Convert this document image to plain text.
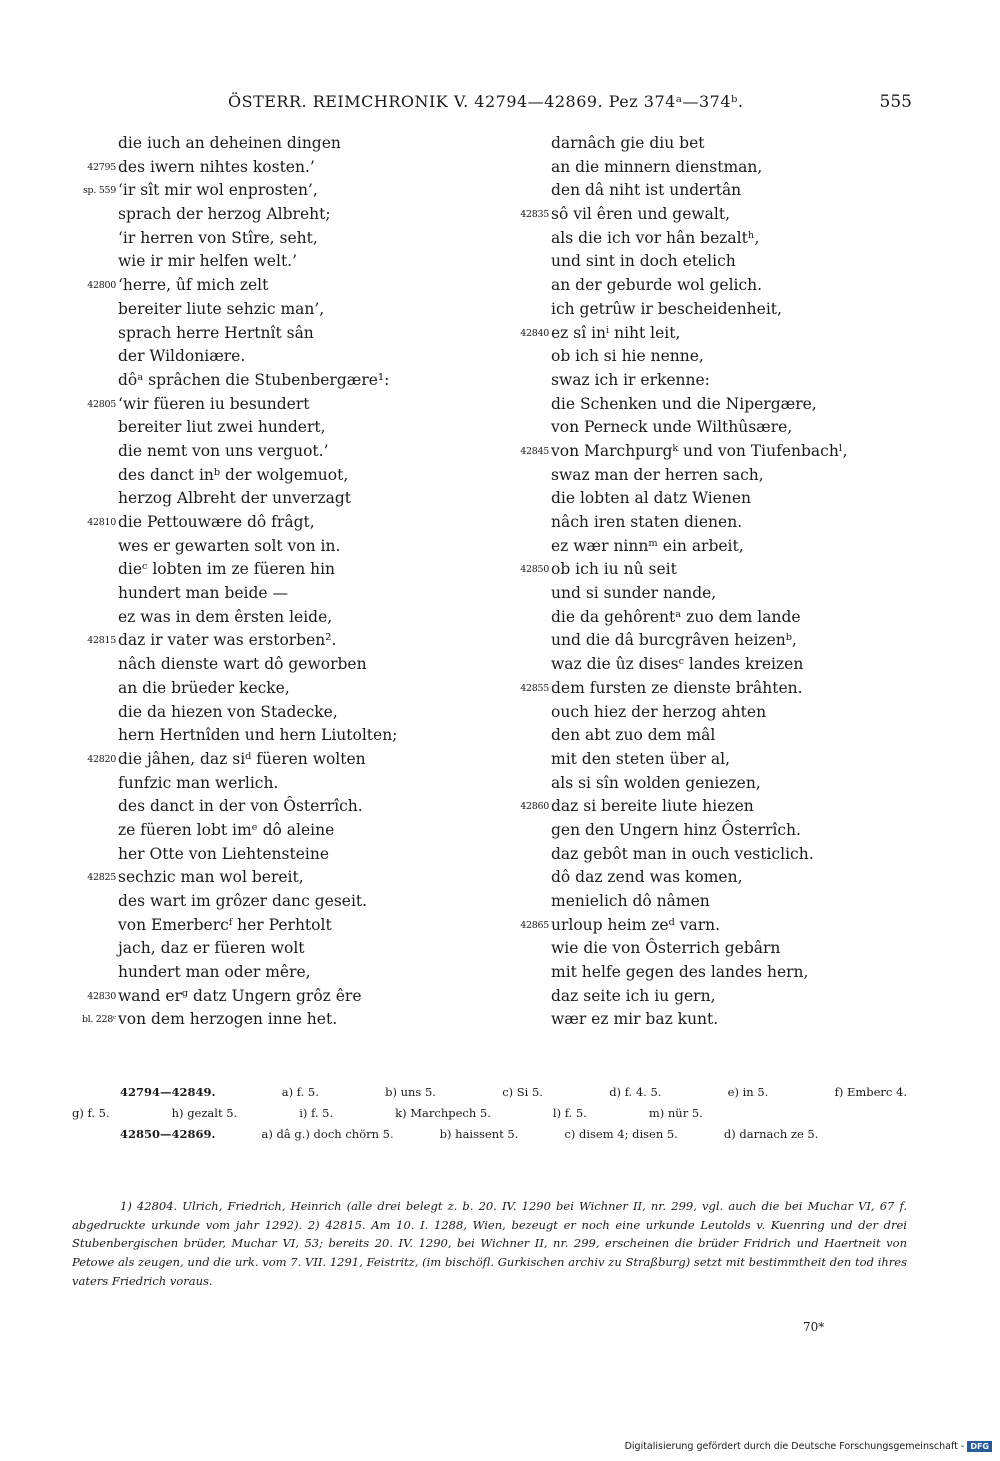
ÖSTERR. REIMCHRONIK V. 42794—42869. Pez 374ᵃ—374ᵇ.	555
die iuch an deheinen dingen
42795 des iwern nihtes kosten.’
sp. 559 ‘ir sît mir wol enprosten’,
sprach der herzog Albreht;
‘ir herren von Stîre, seht,
wie ir mir helfen welt.’
42800 ‘herre, ûf mich zelt
bereiter liute sehzic man’,
sprach herre Hertnît sân
der Wildoniære.
dôᵃ sprâchen die Stubenbergære¹:
42805 ‘wir füeren iu besundert
bereiter liut zwei hundert,
die nemt von uns verguot.’
des danct inᵇ der wolgemuot,
herzog Albreht der unverzagt
42810 die Pettouwære dô frâgt,
wes er gewarten solt von in.
dieᶜ lobten im ze füeren hin
hundert man beide —
ez was in dem êrsten leide,
42815 daz ir vater was erstorben².
nâch dienste wart dô geworben
an die brüeder kecke,
die da hiezen von Stadecke,
hern Hertnîden und hern Liutolten;
42820 die jâhen, daz siᵈ füeren wolten
funfzic man werlich.
des danct in der von Ôsterrîch.
ze füeren lobt imᵉ dô aleine
her Otte von Liehtensteine
42825 sechzic man wol bereit,
des wart im grôzer danc geseit.
von Emerbercᶠ her Perhtolt
jach, daz er füeren wolt
hundert man oder mêre,
42830 wand erᵍ datz Ungern grôz êre
bl. 228ᶜ von dem herzogen inne het.
darnâch gie diu bet
an die minnern dienstman,
den dâ niht ist undertân
42835 sô vil êren und gewalt,
als die ich vor hân bezaltʰ,
und sint in doch etelich
an der geburde wol gelich.
ich getrûw ir bescheidenheit,
42840 ez sî inⁱ niht leit,
ob ich si hie nenne,
swaz ich ir erkenne:
die Schenken und die Nipergære,
von Perneck unde Wilthûsære,
42845 von Marchpurgᵏ und von Tiufenbachˡ,
swaz man der herren sach,
die lobten al datz Wienen
nâch iren staten dienen.
ez wær ninnᵐ ein arbeit,
42850 ob ich iu nû seit
und si sunder nande,
die da gehôrentᵃ zuo dem lande
und die dâ burcgrâven heizenᵇ,
waz die ûz disesᶜ landes kreizen
42855 dem fursten ze dienste brâhten.
ouch hiez der herzog ahten
den abt zuo dem mâl
mit den steten über al,
als si sîn wolden geniezen,
42860 daz si bereite liute hiezen
gen den Ungern hinz Ôsterrîch.
daz gebôt man in ouch vesticlich.
dô daz zend was komen,
menielich dô nâmen
42865 urloup heim zeᵈ varn.
wie die von Ôsterrich gebârn
mit helfe gegen des landes hern,
daz seite ich iu gern,
wær ez mir baz kunt.
42794—42849.	a) f. 5.	b) uns 5.	c) Si 5.	d) f. 4. 5.	e) in 5.	f) Emberc 4.
g) f. 5.	h) gezalt 5.	i) f. 5.	k) Marchpech 5.	l) f. 5.	m) nür 5.
42850—42869.	a) dâ g.) doch chörn 5.	b) haissent 5.	c) disem 4; disen 5.	d) darnach ze 5.
1) 42804. Ulrich, Friedrich, Heinrich (alle drei belegt z. b. 20. IV. 1290 bei Wichner II, nr. 299, vgl. auch die bei Muchar VI, 67 f. abgedruckte urkunde vom jahr 1292). 2) 42815. Am 10. I. 1288, Wien, bezeugt er noch eine urkunde Leutolds v. Kuenring und der drei Stubenbergischen brüder, Muchar VI, 53; bereits 20. IV. 1290, bei Wichner II, nr. 299, erscheinen die brüder Fridrich und Haertneit von Petowe als zeugen, und die urk. vom 7. VII. 1291, Feistritz, (im bischöfl. Gurkischen archiv zu Straßburg) setzt mit bestimmtheit den tod ihres vaters Friedrich voraus.
70*
Digitalisierung gefördert durch die Deutsche Forschungsgemeinschaft - DFG
